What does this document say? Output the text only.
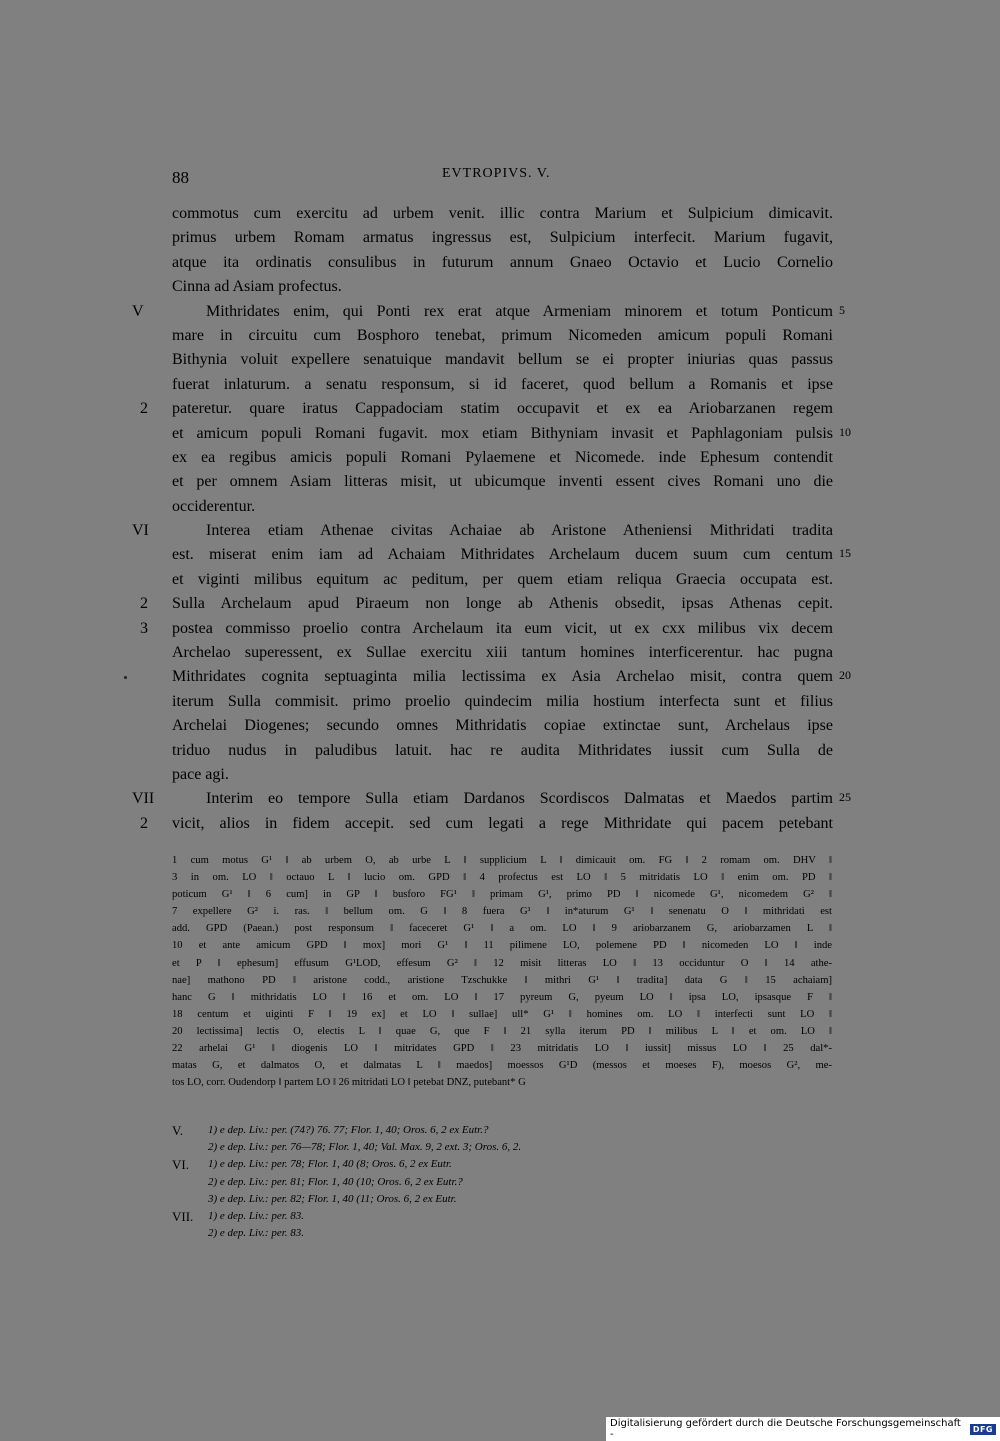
88	EVTROPIVS. V.
commotus cum exercitu ad urbem venit. illic contra Marium et Sulpicium dimicavit.
primus urbem Romam armatus ingressus est, Sulpicium interfecit. Marium fugavit,
atque ita ordinatis consulibus in futurum annum Gnaeo Octavio et Lucio Cornelio
Cinna ad Asiam profectus.
V	Mithridates enim, qui Ponti rex erat atque Armeniam minorem et totum Ponticum 5
mare in circuitu cum Bosphoro tenebat, primum Nicomeden amicum populi Romani
Bithynia voluit expellere senatuique mandavit bellum se ei propter iniurias quas passus
fuerat inlaturum. a senatu responsum, si id faceret, quod bellum a Romanis et ipse
2	pateretur. quare iratus Cappadociam statim occupavit et ex ea Ariobarzanen regem
et amicum populi Romani fugavit. mox etiam Bithyniam invasit et Paphlagoniam pulsis 10
ex ea regibus amicis populi Romani Pylaemene et Nicomede. inde Ephesum contendit
et per omnem Asiam litteras misit, ut ubicumque inventi essent cives Romani uno die
occiderentur.
VI	Interea etiam Athenae civitas Achaiae ab Aristone Atheniensi Mithridati tradita
est. miserat enim iam ad Achaiam Mithridates Archelaum ducem suum cum centum 15
et viginti milibus equitum ac peditum, per quem etiam reliqua Graecia occupata est.
2	Sulla Archelaum apud Piraeum non longe ab Athenis obsedit, ipsas Athenas cepit.
3	postea commisso proelio contra Archelaum ita eum vicit, ut ex cxx milibus vix decem
Archelao superessent, ex Sullae exercitu xiii tantum homines interficerentur. hac pugna
Mithridates cognita septuaginta milia lectissima ex Asia Archelao misit, contra quem 20
iterum Sulla commisit. primo proelio quindecim milia hostium interfecta sunt et filius
Archelai Diogenes; secundo omnes Mithridatis copiae extinctae sunt, Archelaus ipse
triduo nudus in paludibus latuit. hac re audita Mithridates iussit cum Sulla de
pace agi.
VII	Interim eo tempore Sulla etiam Dardanos Scordiscos Dalmatas et Maedos partim 25
2	vicit, alios in fidem accepit. sed cum legati a rege Mithridate qui pacem petebant
1 cum motus G¹ ‖ ab urbem O, ab urbe L ‖ supplicium L ‖ dimicauit om. FG ‖ 2 romam om. DHV ‖
3 in om. LO ‖ octauo L ‖ lucio om. GPD ‖ 4 profectus est LO ‖ 5 mitridatis LO ‖ enim om. PD ‖
poticum G¹ ‖ 6 cum] in GP ‖ busforo FG¹ ‖ primam G¹, primo PD ‖ nicomede G¹, nicomedem G² ‖
7 expellere G² i. ras. ‖ bellum om. G ‖ 8 fuera G¹ ‖ in*aturum G¹ ‖ senenatu O ‖ mithridati est
add. GPD (Paean.) post responsum ‖ faceceret G¹ ‖ a om. LO ‖ 9 ariobarzanem G, ariobarzamen L ‖
10 et ante amicum GPD ‖ mox] mori G¹ ‖ 11 pilimene LO, polemene PD ‖ nicomeden LO ‖ inde
et P ‖ ephesum] effusum G¹LOD, effesum G² ‖ 12 misit litteras LO ‖ 13 occiduntur O ‖ 14 athe-
nae] mathono PD ‖ aristone codd., aristione Tzschukke ‖ mithri G¹ ‖ tradita] data G ‖ 15 achaiam]
hanc G ‖ mithridatis LO ‖ 16 et om. LO ‖ 17 pyreum G, pyeum LO ‖ ipsa LO, ipsasque F ‖
18 centum et uiginti F ‖ 19 ex] et LO ‖ sullae] ull* G¹ ‖ homines om. LO ‖ interfecti sunt LO ‖
20 lectissima] lectis O, electis L ‖ quae G, que F ‖ 21 sylla iterum PD ‖ milibus L ‖ et om. LO ‖
22 arhelai G¹ ‖ diogenis LO ‖ mitridates GPD ‖ 23 mitridatis LO ‖ iussit] missus LO ‖ 25 dal*-
matas G, et dalmatos O, et dalmatas L ‖ maedos] moessos G¹D (messos et moeses F), moesos G², me-
tos LO, corr. Oudendorp ‖ partem LO ‖ 26 mitridati LO ‖ petebat DNZ, putebant* G
V. 1) e dep. Liv.: per. (74?) 76. 77; Flor. 1, 40; Oros. 6, 2 ex Eutr.?
2) e dep. Liv.: per. 76—78; Flor. 1, 40; Val. Max. 9, 2 ext. 3; Oros. 6, 2.
VI. 1) e dep. Liv.: per. 78; Flor. 1, 40 (8; Oros. 6, 2 ex Eutr.
2) e dep. Liv.: per. 81; Flor. 1, 40 (10; Oros. 6, 2 ex Eutr.?
3) e dep. Liv.: per. 82; Flor. 1, 40 (11; Oros. 6, 2 ex Eutr.
VII. 1) e dep. Liv.: per. 83.
2) e dep. Liv.: per. 83.
Digitalisierung gefördert durch die Deutsche Forschungsgemeinschaft -	DFG
